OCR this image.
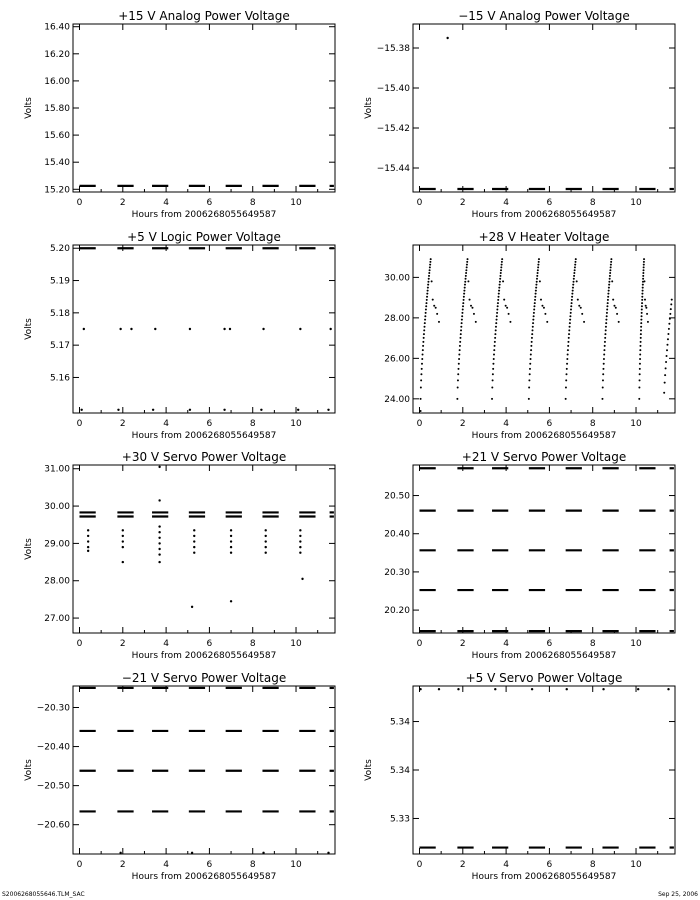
+15 V Analog Power Voltage
0	2	4	6	8	10
15.20
15.40
15.60
15.80
16.00
16.20
16.40
Hours from 2006268055649587
Volts
−15 V Analog Power Voltage
0	2	4	6	8	10
−15.38
−15.40
−15.42
−15.44
Hours from 2006268055649587
Volts
+5 V Logic Power Voltage
0	2	4	6	8	10
5.16
5.17
5.18
5.19
5.20
Hours from 2006268055649587
Volts
+28 V Heater Voltage
0	2	4	6	8	10
24.00
26.00
28.00
30.00
Hours from 2006268055649587
+30 V Servo Power Voltage
0	2	4	6	8	10
27.00
28.00
29.00
30.00
31.00
Hours from 2006268055649587
Volts
+21 V Servo Power Voltage
0	2	4	6	8	10
20.20
20.30
20.40
20.50
Hours from 2006268055649587
−21 V Servo Power Voltage
0	2	4	6	8	10
−20.30
−20.40
−20.50
−20.60
Hours from 2006268055649587
Volts
+5 V Servo Power Voltage
0	2	4	6	8	10
5.33
5.34
5.34
Hours from 2006268055649587
Volts
S2006268055646.TLM_SAC	Sep 25, 2006
